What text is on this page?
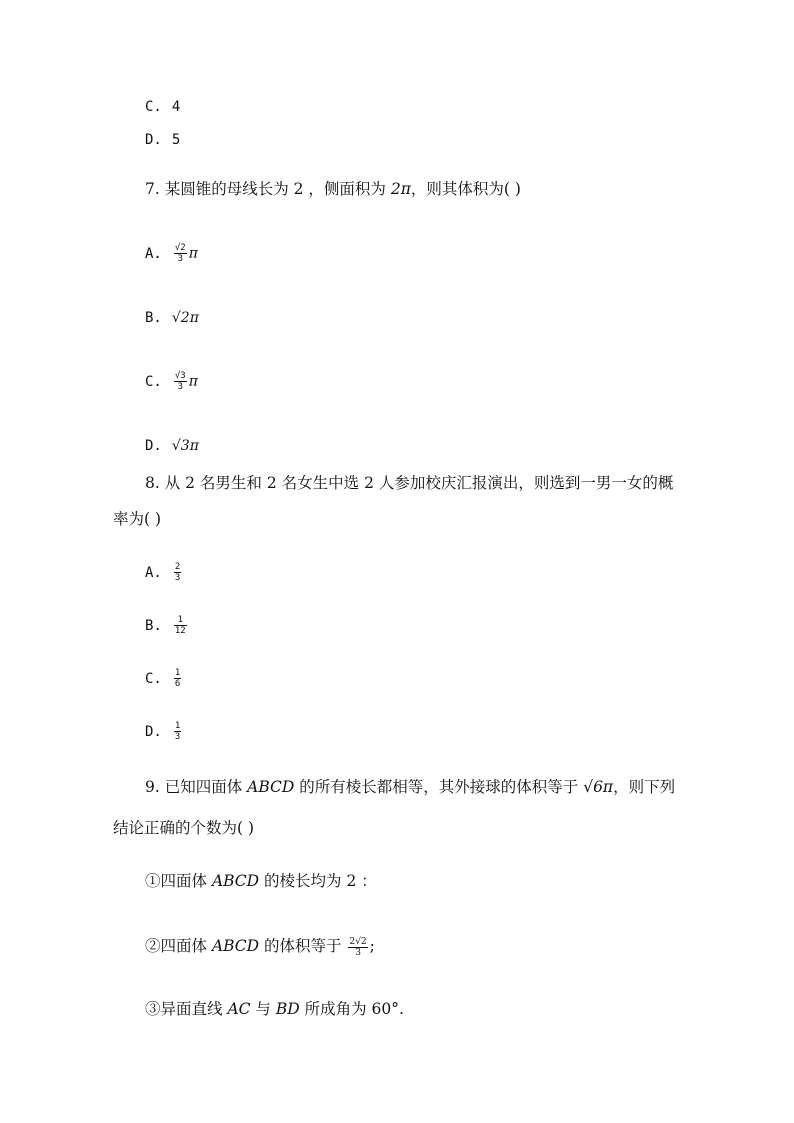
C. 4
D. 5
7. 某圆锥的母线长为 2 ，侧面积为 2π，则其体积为( )
A. $\frac{√2}{3}$ π
B. √2π
C. $\frac{√3}{3}$ π
D. √3π
8. 从 2 名男生和 2 名女生中选 2 人参加校庆汇报演出，则选到一男一女的概
率为( )
A. $\frac{2}{3}$
B. $\frac{1}{12}$
C. $\frac{1}{6}$
D. $\frac{1}{3}$
9. 已知四面体 ABCD 的所有棱长都相等，其外接球的体积等于 √6π，则下列
结论正确的个数为( )
①四面体 ABCD 的棱长均为 2 ：
②四面体 ABCD 的体积等于 $\frac{2√2}{3}$ ;
③异面直线 AC 与 BD 所成角为 60°.
